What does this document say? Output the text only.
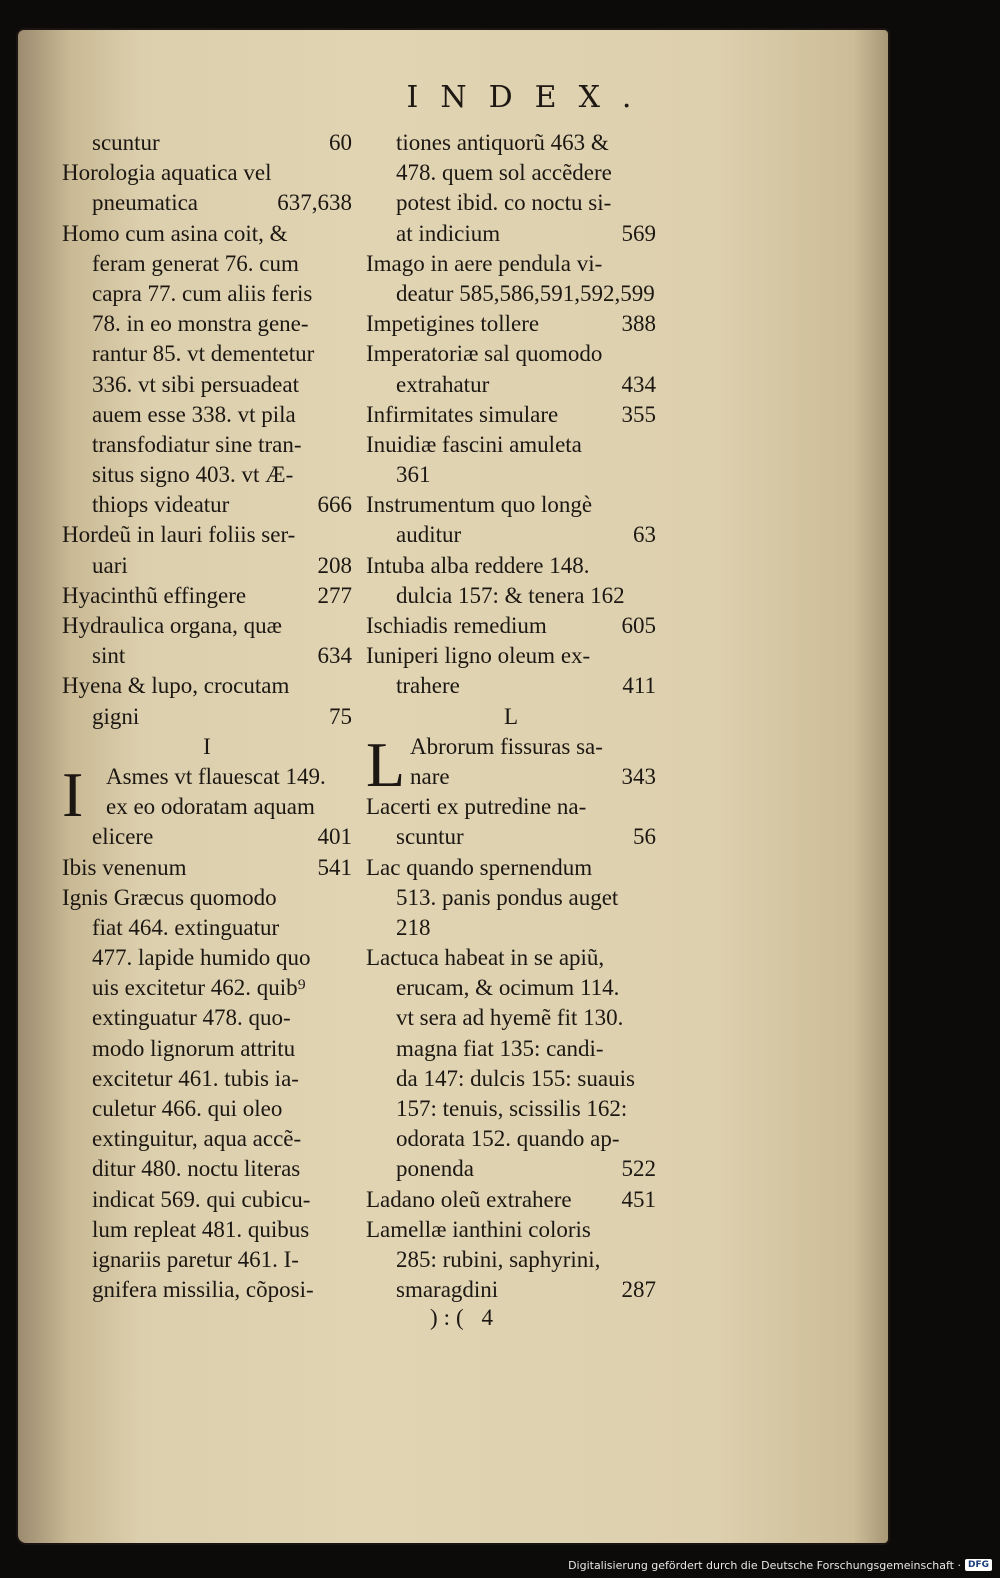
INDEX.
scuntur	60
Horologia aquatica vel
pneumatica	637,638
Homo cum asina coit, &
feram generat 76. cum
capra 77. cum aliis feris
78. in eo monstra gene-
rantur 85. vt dementetur
336. vt sibi persuadeat
auem esse 338. vt pila
transfodiatur sine tran-
situs signo 403. vt Æ-
thiops videatur	666
Hordeũ in lauri foliis ser-
uari	208
Hyacinthũ effingere	277
Hydraulica organa, quæ
sint	634
Hyena & lupo, crocutam
gigni	75
I
I Asmes vt flauescat 149.
ex eo odoratam aquam
elicere	401
Ibis venenum	541
Ignis Græcus quomodo
fiat 464. extinguatur
477. lapide humido quo
uis excitetur 462. quib⁹
extinguatur 478. quo-
modo lignorum attritu
excitetur 461. tubis ia-
culetur 466. qui oleo
extinguitur, aqua accẽ-
ditur 480. noctu literas
indicat 569. qui cubicu-
lum repleat 481. quibus
ignariis paretur 461. I-
gnifera missilia, cõposi-
tiones antiquorũ 463 &
478. quem sol accẽdere
potest ibid. co noctu si-
at indicium	569
Imago in aere pendula vi-
deatur 585,586,591,592,599
Impetigines tollere	388
Imperatoriæ sal quomodo
extrahatur	434
Infirmitates simulare	355
Inuidiæ fascini amuleta
361
Instrumentum quo longè
auditur	63
Intuba alba reddere 148.
dulcia 157: & tenera 162
Ischiadis remedium	605
Iuniperi ligno oleum ex-
trahere	411
L
L Abrorum fissuras sa-
nare	343
Lacerti ex putredine na-
scuntur	56
Lac quando spernendum
513. panis pondus auget
218
Lactuca habeat in se apiũ,
erucam, & ocimum 114.
vt sera ad hyemẽ fit 130.
magna fiat 135: candi-
da 147: dulcis 155: suauis
157: tenuis, scissilis 162:
odorata 152. quando ap-
ponenda	522
Ladano oleũ extrahere	451
Lamellæ ianthini coloris
285: rubini, saphyrini,
smaragdini	287
):( 4
Digitalisierung gefördert durch die Deutsche Forschungsgemeinschaft · DFG
